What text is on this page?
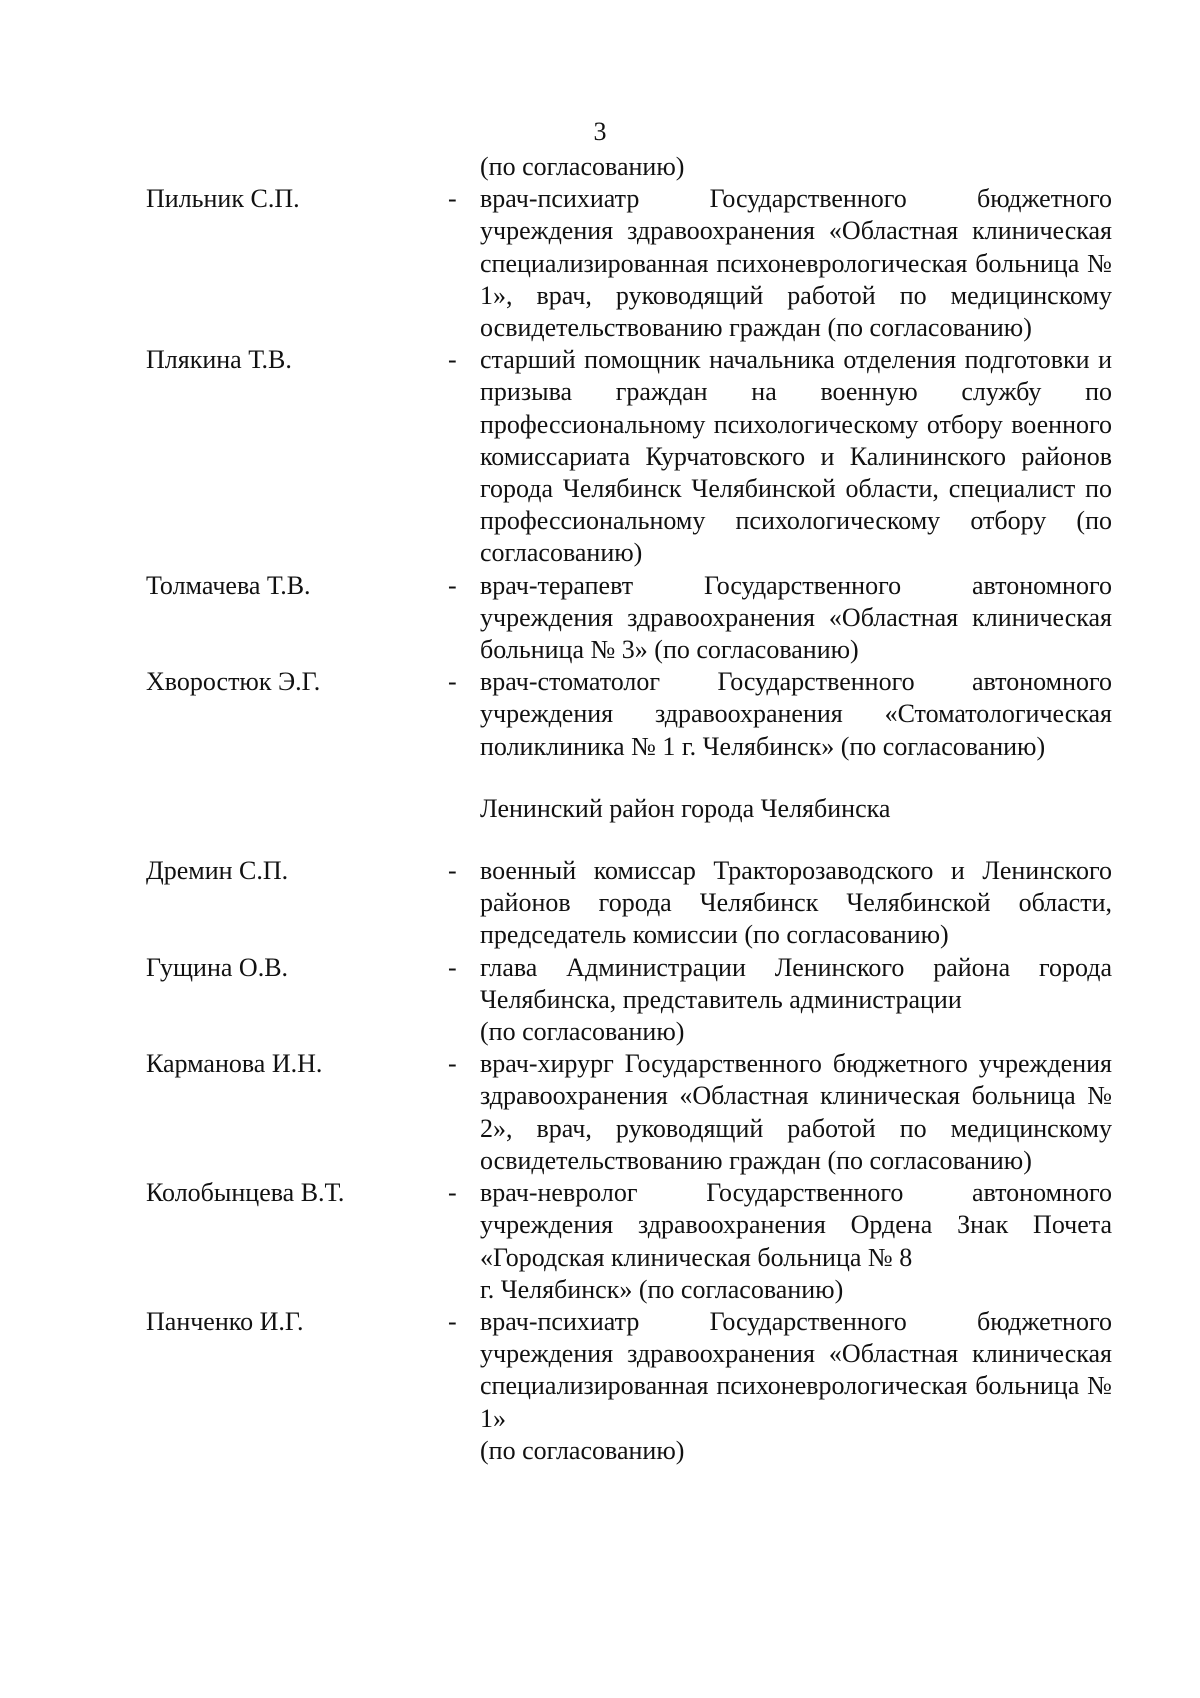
3
(по согласованию)
Пильник С.П.	- врач-психиатр Государственного бюджетного учреждения здравоохранения «Областная клиническая специализированная психоневрологическая больница № 1», врач, руководящий работой по медицинскому освидетельствованию граждан (по согласованию)
Плякина Т.В.	- старший помощник начальника отделения подготовки и призыва граждан на военную службу по профессиональному психологическому отбору военного комиссариата Курчатовского и Калининского районов города Челябинск Челябинской области, специалист по профессиональному психологическому отбору (по согласованию)
Толмачева Т.В.	- врач-терапевт Государственного автономного учреждения здравоохранения «Областная клиническая больница № 3» (по согласованию)
Хворостюк Э.Г.	- врач-стоматолог Государственного автономного учреждения здравоохранения «Стоматологическая поликлиника № 1 г. Челябинск» (по согласованию)
Ленинский район города Челябинска
Дремин С.П.	- военный комиссар Тракторозаводского и Ленинского районов города Челябинск Челябинской области, председатель комиссии (по согласованию)
Гущина О.В.	- глава Администрации Ленинского района города Челябинска, представитель администрации
(по согласованию)
Карманова И.Н.	- врач-хирург Государственного бюджетного учреждения здравоохранения «Областная клиническая больница № 2», врач, руководящий работой по медицинскому освидетельствованию граждан (по согласованию)
Колобынцева В.Т.	- врач-невролог Государственного автономного учреждения здравоохранения Ордена Знак Почета «Городская клиническая больница № 8
г. Челябинск» (по согласованию)
Панченко И.Г.	- врач-психиатр Государственного бюджетного учреждения здравоохранения «Областная клиническая специализированная психоневрологическая больница № 1»
(по согласованию)
